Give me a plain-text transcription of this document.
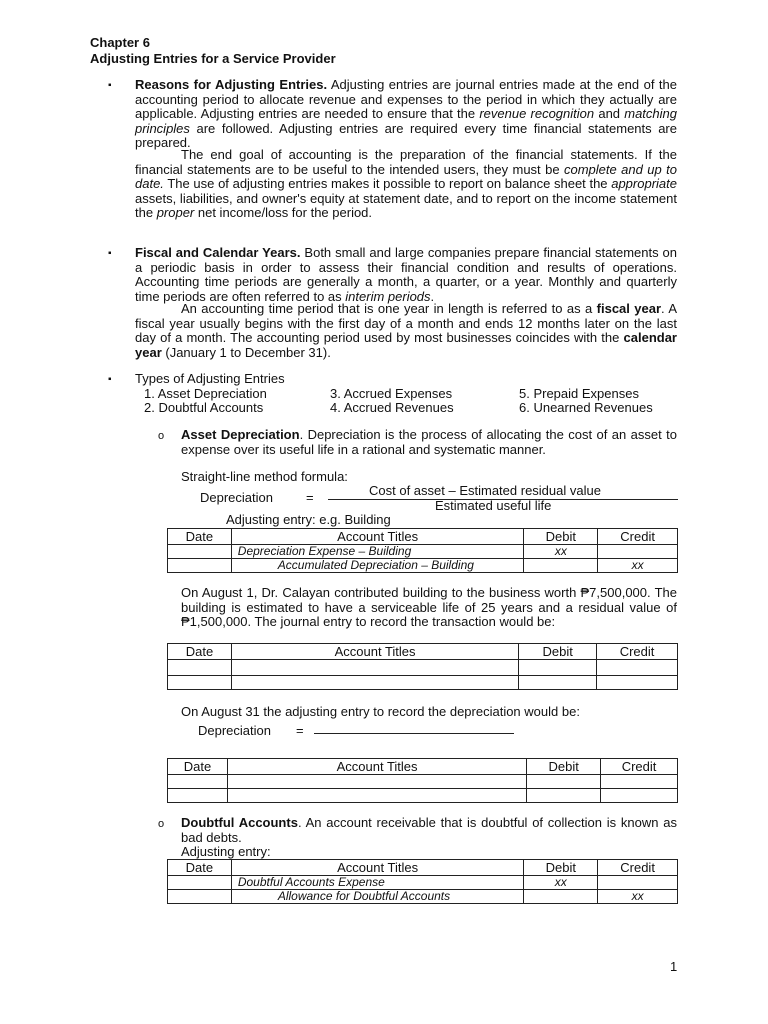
Chapter 6
Adjusting Entries for a Service Provider
▪ Reasons for Adjusting Entries. Adjusting entries are journal entries made at the end of the accounting period to allocate revenue and expenses to the period in which they actually are applicable. Adjusting entries are needed to ensure that the revenue recognition and matching principles are followed. Adjusting entries are required every time financial statements are prepared.
The end goal of accounting is the preparation of the financial statements. If the financial statements are to be useful to the intended users, they must be complete and up to date. The use of adjusting entries makes it possible to report on balance sheet the appropriate assets, liabilities, and owner's equity at statement date, and to report on the income statement the proper net income/loss for the period.
▪ Fiscal and Calendar Years. Both small and large companies prepare financial statements on a periodic basis in order to assess their financial condition and results of operations. Accounting time periods are generally a month, a quarter, or a year. Monthly and quarterly time periods are often referred to as interim periods.
An accounting time period that is one year in length is referred to as a fiscal year. A fiscal year usually begins with the first day of a month and ends 12 months later on the last day of a month. The accounting period used by most businesses coincides with the calendar year (January 1 to December 31).
▪ Types of Adjusting Entries
1. Asset Depreciation
2. Doubtful Accounts
3. Accrued Expenses
4. Accrued Revenues
5. Prepaid Expenses
6. Unearned Revenues
o Asset Depreciation. Depreciation is the process of allocating the cost of an asset to expense over its useful life in a rational and systematic manner.
Straight-line method formula:
Depreciation	=	Cost of asset – Estimated residual value
Estimated useful life
Adjusting entry: e.g. Building
Date	Account Titles	Debit	Credit
	Depreciation Expense – Building	xx	
	Accumulated Depreciation – Building		xx
On August 1, Dr. Calayan contributed building to the business worth ₱7,500,000. The building is estimated to have a serviceable life of 25 years and a residual value of ₱1,500,000. The journal entry to record the transaction would be:
Date	Account Titles	Debit	Credit

On August 31 the adjusting entry to record the depreciation would be:
Depreciation =
Date	Account Titles	Debit	Credit

o Doubtful Accounts. An account receivable that is doubtful of collection is known as bad debts.
Adjusting entry:
Date	Account Titles	Debit	Credit
	Doubtful Accounts Expense	xx	
	Allowance for Doubtful Accounts		xx
1
